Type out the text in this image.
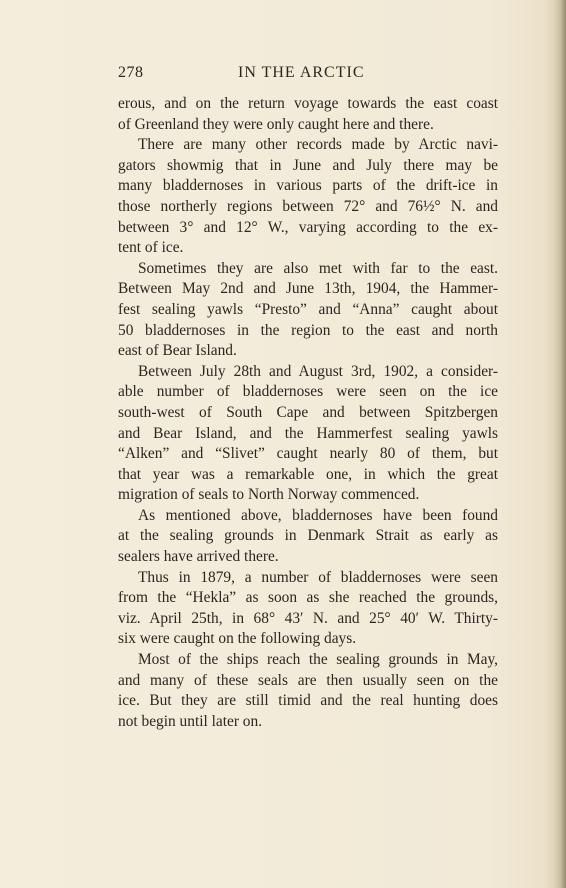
278	IN THE ARCTIC
erous, and on the return voyage towards the east coast
of Greenland they were only caught here and there.
There are many other records made by Arctic navi-
gators showmig that in June and July there may be
many bladdernoses in various parts of the drift-ice in
those northerly regions between 72° and 76½° N. and
between 3° and 12° W., varying according to the ex-
tent of ice.
Sometimes they are also met with far to the east.
Between May 2nd and June 13th, 1904, the Hammer-
fest sealing yawls “Presto” and “Anna” caught about
50 bladdernoses in the region to the east and north
east of Bear Island.
Between July 28th and August 3rd, 1902, a consider-
able number of bladdernoses were seen on the ice
south-west of South Cape and between Spitzbergen
and Bear Island, and the Hammerfest sealing yawls
“Alken” and “Slivet” caught nearly 80 of them, but
that year was a remarkable one, in which the great
migration of seals to North Norway commenced.
As mentioned above, bladdernoses have been found
at the sealing grounds in Denmark Strait as early as
sealers have arrived there.
Thus in 1879, a number of bladdernoses were seen
from the “Hekla” as soon as she reached the grounds,
viz. April 25th, in 68° 43′ N. and 25° 40′ W. Thirty-
six were caught on the following days.
Most of the ships reach the sealing grounds in May,
and many of these seals are then usually seen on the
ice. But they are still timid and the real hunting does
not begin until later on.
